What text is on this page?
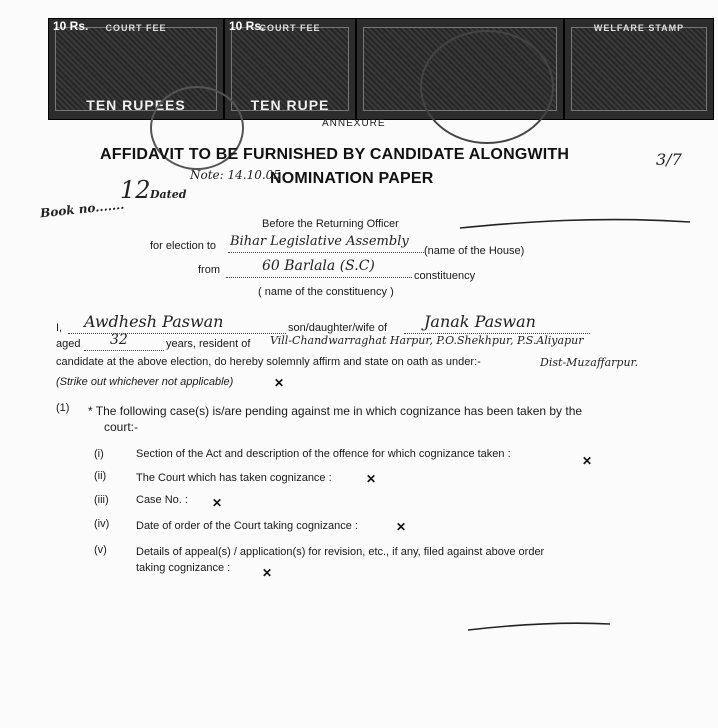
10 Rs.	COURT FEE
TEN RUPEES
10 Rs.
COURT FEE
TEN RUPE
WELFARE STAMP
ANNEXURE
AFFIDAVIT TO BE FURNISHED BY CANDIDATE ALONGWITH
NOMINATION PAPER
3/7
Note: 14.10.05
Book no.......
12 Dated
Before the Returning Officer
for election to Bihar Legislative Assembly
(name of the House)
from	60 Barlala (S.C)
constituency
( name of the constituency )
I, Awdhesh Paswan	son/daughter/wife of Janak Paswan
aged 32	years, resident of Vill-Chandwarraghat Harpur, P.O.Shekhpur, P.S.Aliyapur
candidate at the above election, do hereby solemnly affirm and state on oath as under:-	Dist-Muzaffarpur.
(Strike out whichever not applicable)	✕
(1) * The following case(s) is/are pending against me in which cognizance has been taken by the
court:-
(i)	Section of the Act and description of the offence for which cognizance taken :	✕
(ii)	The Court which has taken cognizance :	✕
(iii) Case No. : ✕
(iv) Date of order of the Court taking cognizance :	✕
(v)	Details of appeal(s) / application(s) for revision, etc., if any, filed against above order
taking cognizance :	✕
